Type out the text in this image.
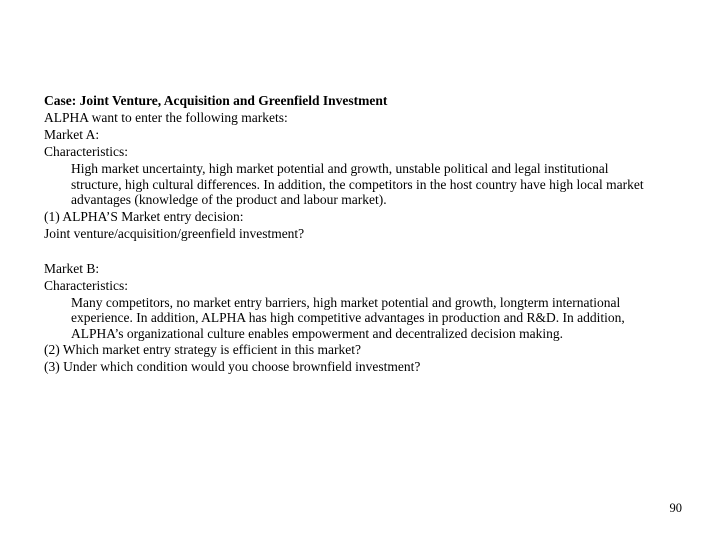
Case: Joint Venture, Acquisition and Greenfield Investment
ALPHA want to enter the following markets:
Market A:
Characteristics:
High market uncertainty, high market potential and growth, unstable political and legal institutional structure, high cultural differences. In addition, the competitors in the host country have high local market advantages (knowledge of the product and labour market).
(1) ALPHA’S Market entry decision:
Joint venture/acquisition/greenfield investment?
Market B:
Characteristics:
Many competitors, no market entry barriers, high market potential and growth, longterm international experience. In addition, ALPHA has high competitive advantages in production and R&D. In addition, ALPHA’s organizational culture enables empowerment and decentralized decision making.
(2) Which market entry strategy is efficient in this market?
(3) Under which condition would you choose brownfield investment?
90
